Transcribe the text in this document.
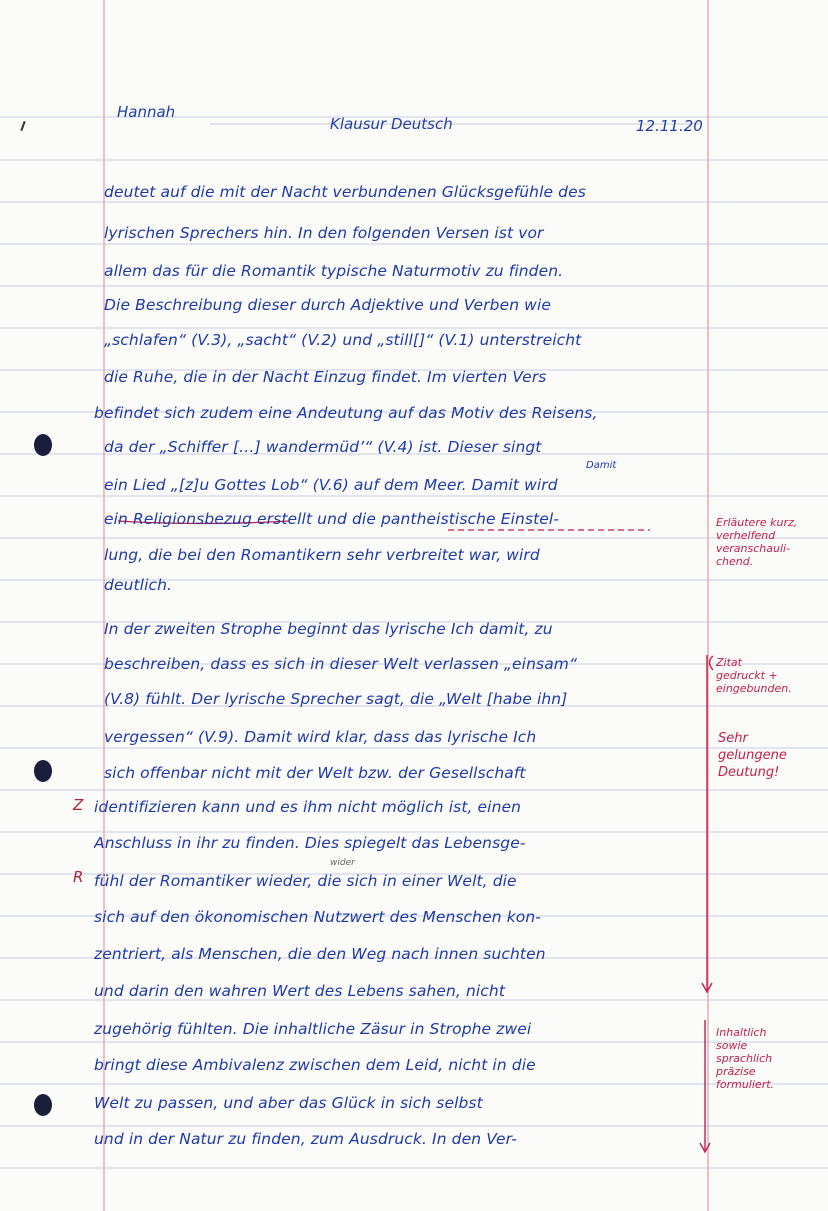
Hannah
Klausur Deutsch	12.11.20
deutet auf die mit der Nacht verbundenen Glücksgefühle des
lyrischen Sprechers hin. In den folgenden Versen ist vor
allem das für die Romantik typische Naturmotiv zu finden.
Die Beschreibung dieser durch Adjektive und Verben wie
„schlafen“ (V.3), „sacht“ (V.2) und „still[]“ (V.1) unterstreicht
die Ruhe, die in der Nacht Einzug findet. Im vierten Vers
befindet sich zudem eine Andeutung auf das Motiv des Reisens,
da der „Schiffer […] wandermüd’“ (V.4) ist. Dieser singt
ein Lied „[z]u Gottes Lob“ (V.6) auf dem Meer. Damit wird
ein Religionsbezug erstellt und die pantheistische Einstel-
lung, die bei den Romantikern sehr verbreitet war, wird
deutlich.
In der zweiten Strophe beginnt das lyrische Ich damit, zu
beschreiben, dass es sich in dieser Welt verlassen „einsam“
(V.8) fühlt. Der lyrische Sprecher sagt, die „Welt [habe ihn]
vergessen“ (V.9). Damit wird klar, dass das lyrische Ich
sich offenbar nicht mit der Welt bzw. der Gesellschaft
identifizieren kann und es ihm nicht möglich ist, einen
Anschluss in ihr zu finden. Dies spiegelt das Lebensge-
fühl der Romantiker wieder, die sich in einer Welt, die
sich auf den ökonomischen Nutzwert des Menschen kon-
zentriert, als Menschen, die den Weg nach innen suchten
und darin den wahren Wert des Lebens sahen, nicht
zugehörig fühlten. Die inhaltliche Zäsur in Strophe zwei
bringt diese Ambivalenz zwischen dem Leid, nicht in die
Welt zu passen, und aber das Glück in sich selbst
und in der Natur zu finden, zum Ausdruck. In den Ver-
Damit
wider
Z
R
Erläutere kurz,
verhelfend
veranschauli-
chend.
Zitat
gedruckt +
eingebunden.
Sehr
gelungene
Deutung!
Inhaltlich
sowie
sprachlich
präzise
formuliert.
